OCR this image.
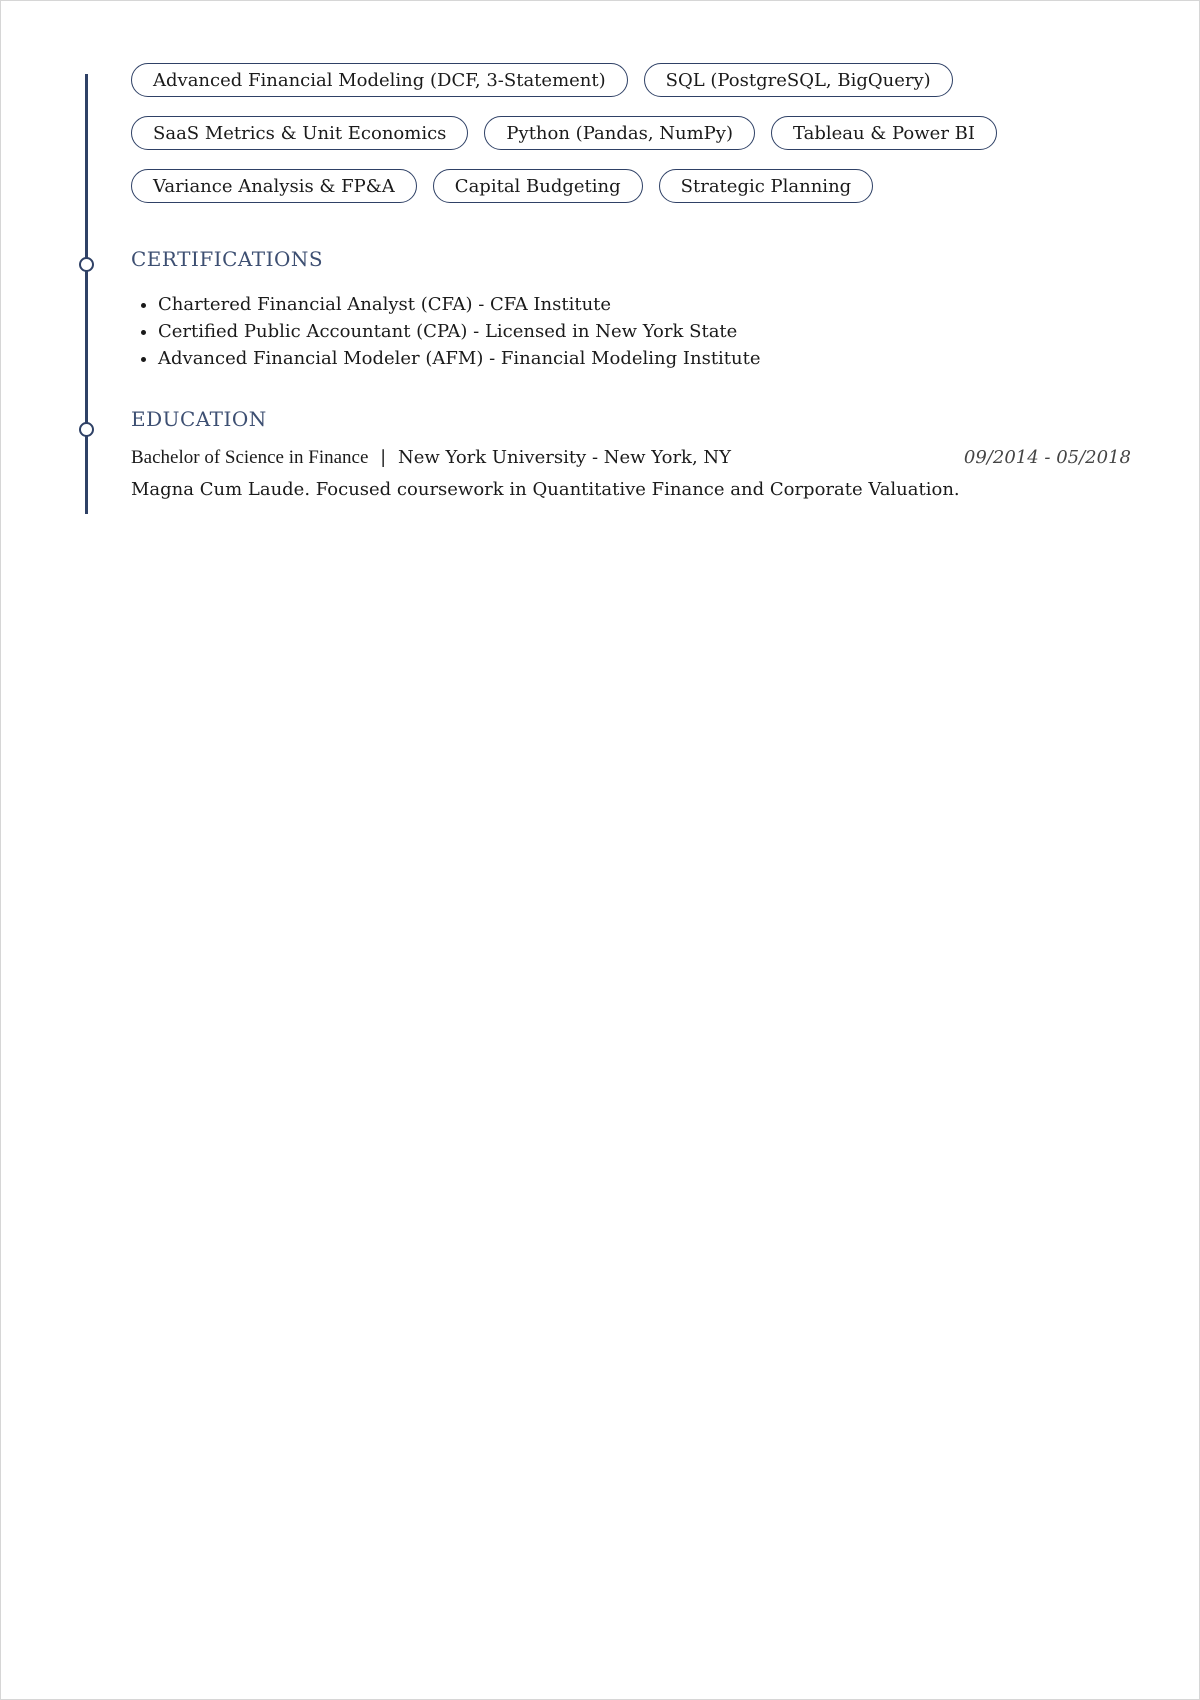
Advanced Financial Modeling (DCF, 3-Statement)	SQL (PostgreSQL, BigQuery)
SaaS Metrics & Unit Economics	Python (Pandas, NumPy)	Tableau & Power BI
Variance Analysis & FP&A	Capital Budgeting	Strategic Planning
CERTIFICATIONS
• Chartered Financial Analyst (CFA) - CFA Institute
• Certified Public Accountant (CPA) - Licensed in New York State
• Advanced Financial Modeler (AFM) - Financial Modeling Institute
EDUCATION
Bachelor of Science in Finance | New York University - New York, NY	09/2014 - 05/2018
Magna Cum Laude. Focused coursework in Quantitative Finance and Corporate Valuation.
